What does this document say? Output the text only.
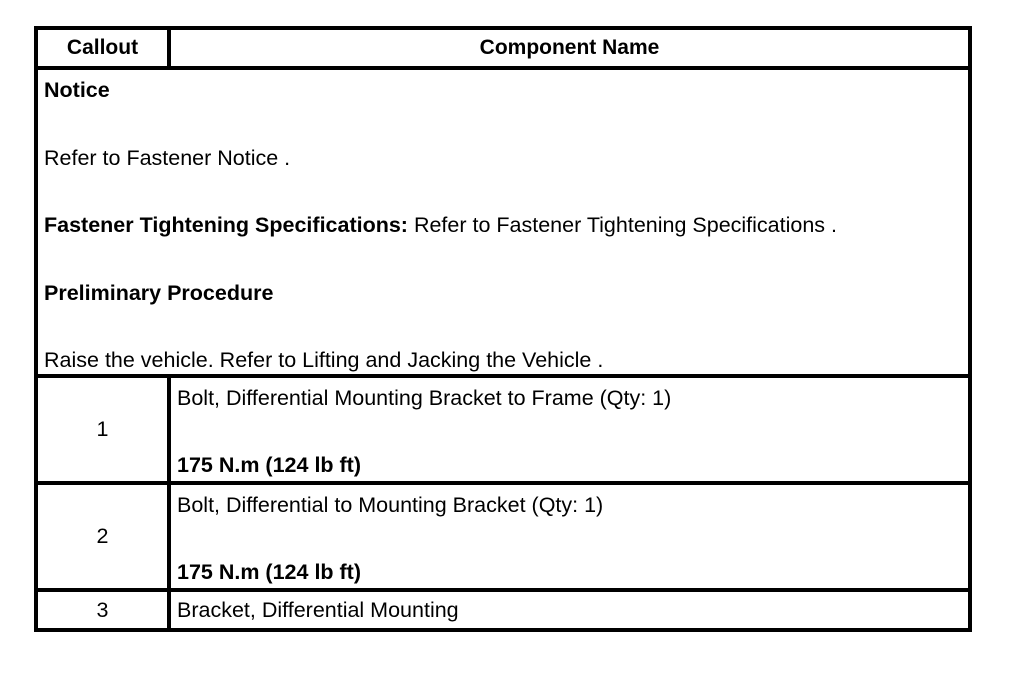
Callout	Component Name

Notice

Refer to Fastener Notice .

Fastener Tightening Specifications: Refer to Fastener Tightening Specifications .

Preliminary Procedure

Raise the vehicle. Refer to Lifting and Jacking the Vehicle .	

1	Bolt, Differential Mounting Bracket to Frame (Qty: 1)

175 N.m (124 lb ft)

2	Bolt, Differential to Mounting Bracket (Qty: 1)

175 N.m (124 lb ft)

3	Bracket, Differential Mounting
